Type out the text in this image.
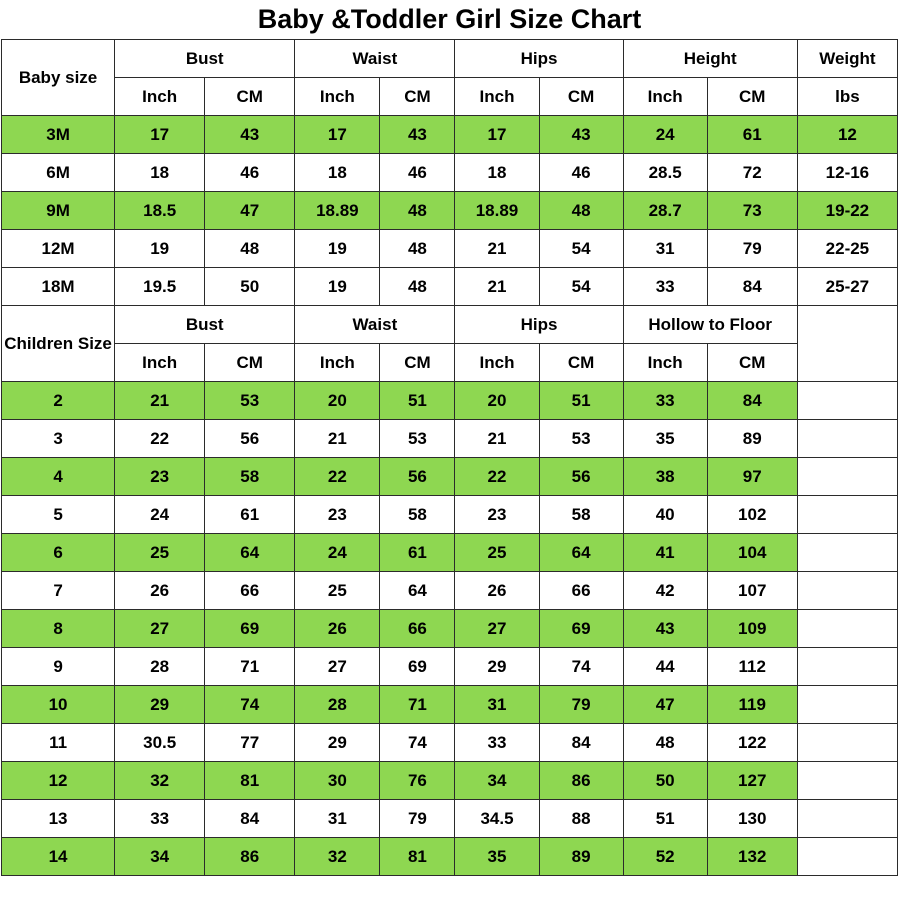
Baby &Toddler Girl Size Chart
Baby size	Bust		Waist		Hips		Height		Weight
	Inch	CM	Inch	CM	Inch	CM	Inch	CM	lbs
3M	17	43	17	43	17	43	24	61	12
6M	18	46	18	46	18	46	28.5	72	12-16
9M	18.5	47	18.89	48	18.89	48	28.7	73	19-22
12M	19	48	19	48	21	54	31	79	22-25
18M	19.5	50	19	48	21	54	33	84	25-27
Children Size	Bust		Waist		Hips		Hollow to Floor		
	Inch	CM	Inch	CM	Inch	CM	Inch	CM	
2	21	53	20	51	20	51	33	84	
3	22	56	21	53	21	53	35	89	
4	23	58	22	56	22	56	38	97	
5	24	61	23	58	23	58	40	102	
6	25	64	24	61	25	64	41	104	
7	26	66	25	64	26	66	42	107	
8	27	69	26	66	27	69	43	109	
9	28	71	27	69	29	74	44	112	
10	29	74	28	71	31	79	47	119	
11	30.5	77	29	74	33	84	48	122	
12	32	81	30	76	34	86	50	127	
13	33	84	31	79	34.5	88	51	130	
14	34	86	32	81	35	89	52	132	
